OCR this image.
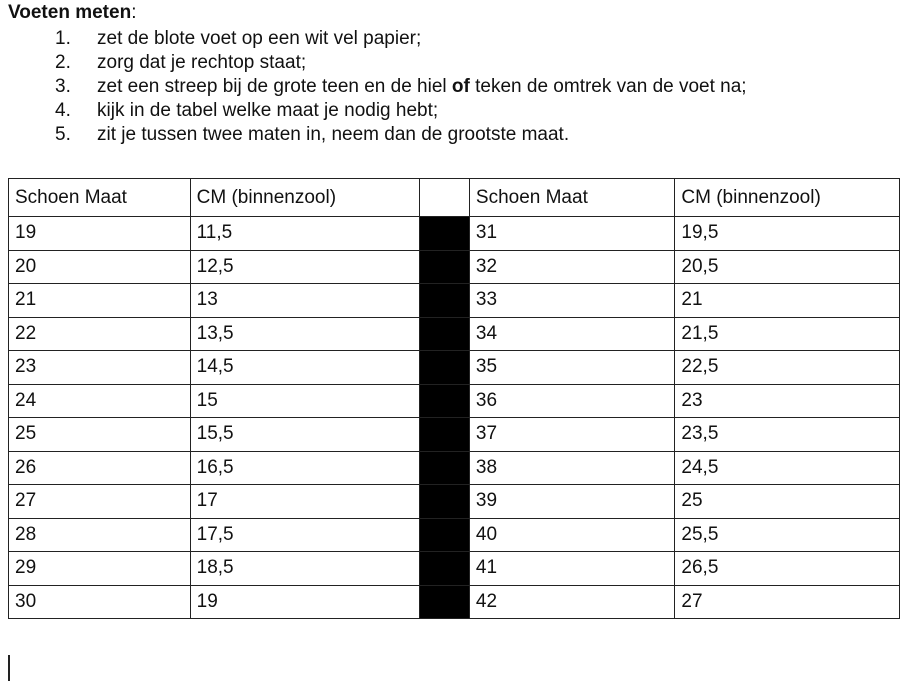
Voeten meten:

1. zet de blote voet op een wit vel papier;
2. zorg dat je rechtop staat;
3. zet een streep bij de grote teen en de hiel of teken de omtrek van de voet na;
4. kijk in de tabel welke maat je nodig hebt;
5. zit je tussen twee maten in, neem dan de grootste maat.
Schoen Maat	CM (binnenzool)		Schoen Maat	CM (binnenzool)
19	11,5		31	19,5
20	12,5		32	20,5
21	13		33	21
22	13,5		34	21,5
23	14,5		35	22,5
24	15		36	23
25	15,5		37	23,5
26	16,5		38	24,5
27	17		39	25
28	17,5		40	25,5
29	18,5		41	26,5
30	19		42	27
